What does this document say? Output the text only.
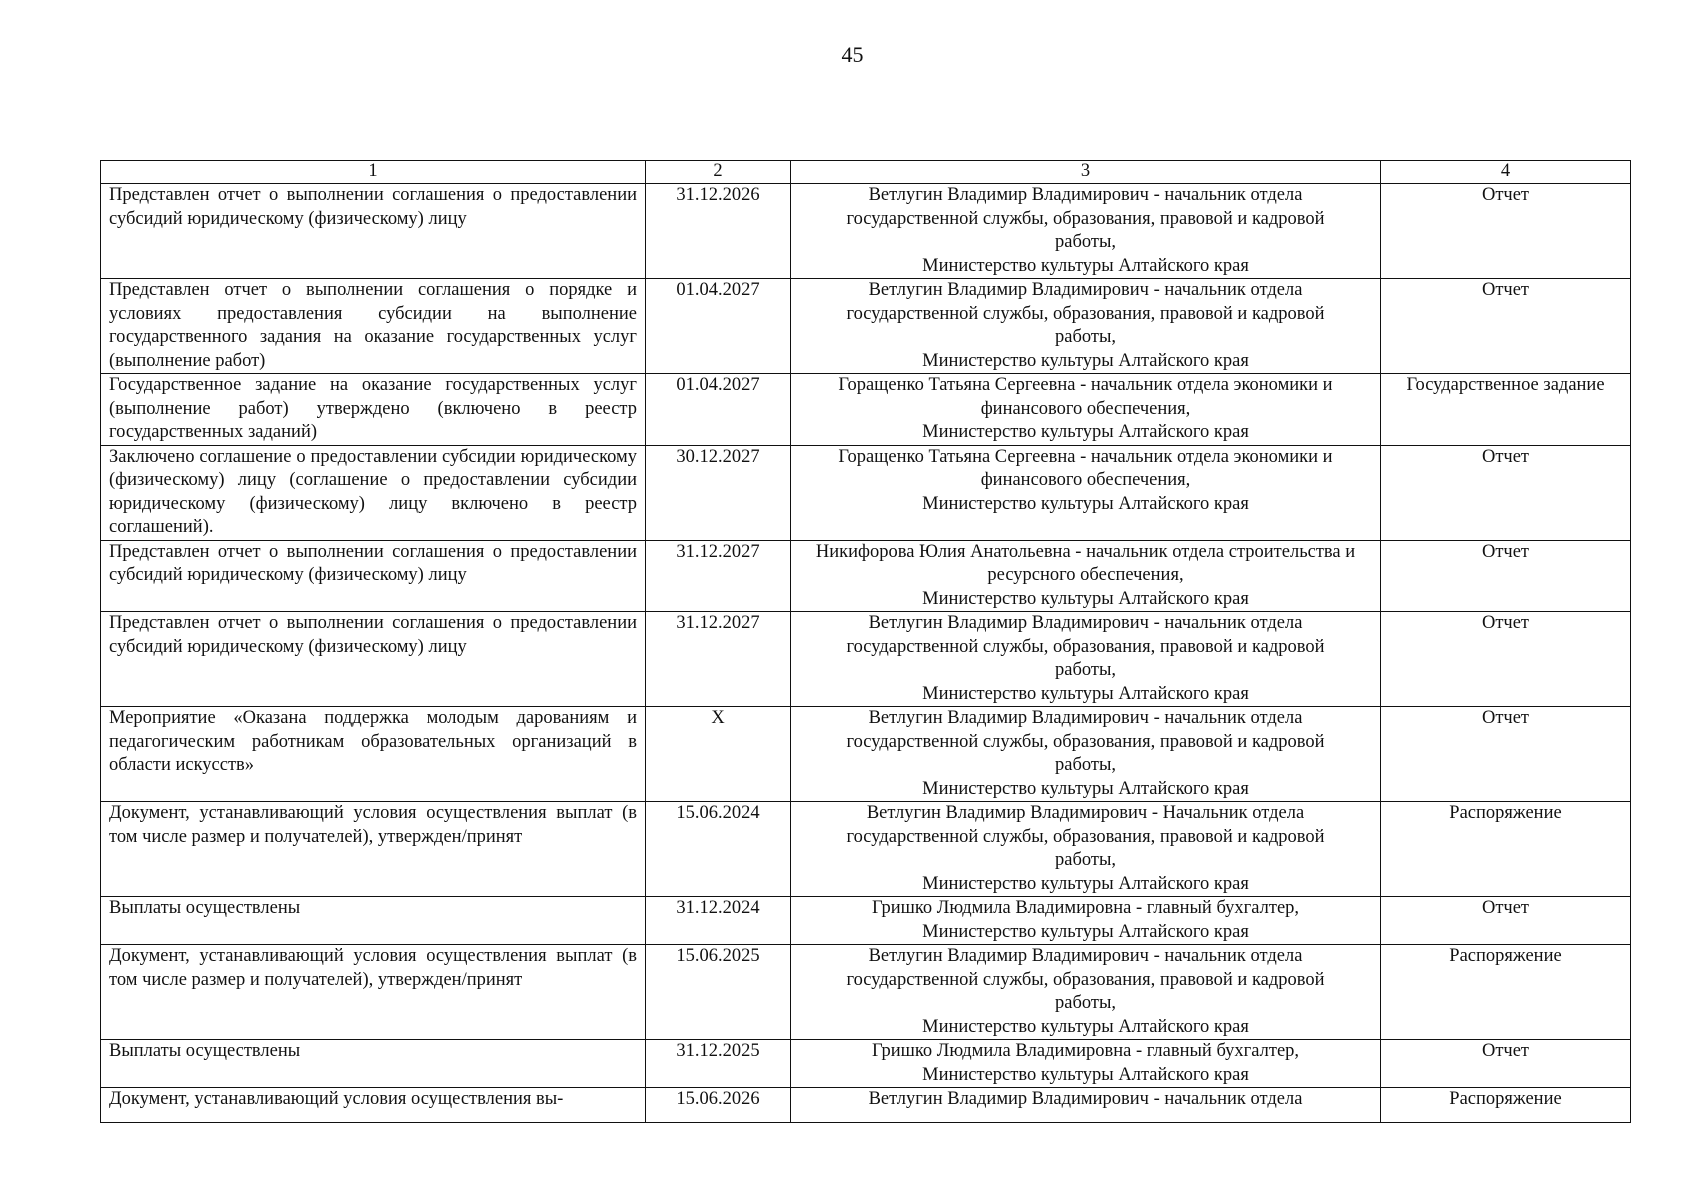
45
1	2	3	4
Представлен отчет о выполнении соглашения о предоставлении субсидий юридическому (физическому) лицу	31.12.2026	Ветлугин Владимир Владимирович - начальник отдела
государственной службы, образования, правовой и кадровой
работы,
Министерство культуры Алтайского края	Отчет
Представлен отчет о выполнении соглашения о порядке и условиях предоставления субсидии на выполнение государственного задания на оказание государственных услуг (выполнение работ)	01.04.2027	Ветлугин Владимир Владимирович - начальник отдела
государственной службы, образования, правовой и кадровой
работы,
Министерство культуры Алтайского края	Отчет
Государственное задание на оказание государственных услуг (выполнение работ) утверждено (включено в реестр государственных заданий)	01.04.2027	Горащенко Татьяна Сергеевна - начальник отдела экономики и
финансового обеспечения,
Министерство культуры Алтайского края	Государственное задание
Заключено соглашение о предоставлении субсидии юридическому (физическому) лицу (соглашение о предоставлении субсидии юридическому (физическому) лицу включено в реестр соглашений).	30.12.2027	Горащенко Татьяна Сергеевна - начальник отдела экономики и
финансового обеспечения,
Министерство культуры Алтайского края	Отчет
Представлен отчет о выполнении соглашения о предоставлении субсидий юридическому (физическому) лицу	31.12.2027	Никифорова Юлия Анатольевна - начальник отдела строительства и ресурсного обеспечения,
Министерство культуры Алтайского края	Отчет
Представлен отчет о выполнении соглашения о предоставлении субсидий юридическому (физическому) лицу	31.12.2027	Ветлугин Владимир Владимирович - начальник отдела
государственной службы, образования, правовой и кадровой
работы,
Министерство культуры Алтайского края	Отчет
Мероприятие «Оказана поддержка молодым дарованиям и педагогическим работникам образовательных организаций в области искусств»	X	Ветлугин Владимир Владимирович - начальник отдела
государственной службы, образования, правовой и кадровой
работы,
Министерство культуры Алтайского края	Отчет
Документ, устанавливающий условия осуществления выплат (в том числе размер и получателей), утвержден/принят	15.06.2024	Ветлугин Владимир Владимирович - Начальник отдела
государственной службы, образования, правовой и кадровой
работы,
Министерство культуры Алтайского края	Распоряжение
Выплаты осуществлены	31.12.2024	Гришко Людмила Владимировна - главный бухгалтер,
Министерство культуры Алтайского края	Отчет
Документ, устанавливающий условия осуществления выплат (в том числе размер и получателей), утвержден/принят	15.06.2025	Ветлугин Владимир Владимирович - начальник отдела
государственной службы, образования, правовой и кадровой
работы,
Министерство культуры Алтайского края	Распоряжение
Выплаты осуществлены	31.12.2025	Гришко Людмила Владимировна - главный бухгалтер,
Министерство культуры Алтайского края	Отчет
Документ, устанавливающий условия осуществления вы-	15.06.2026	Ветлугин Владимир Владимирович - начальник отдела	Распоряжение
